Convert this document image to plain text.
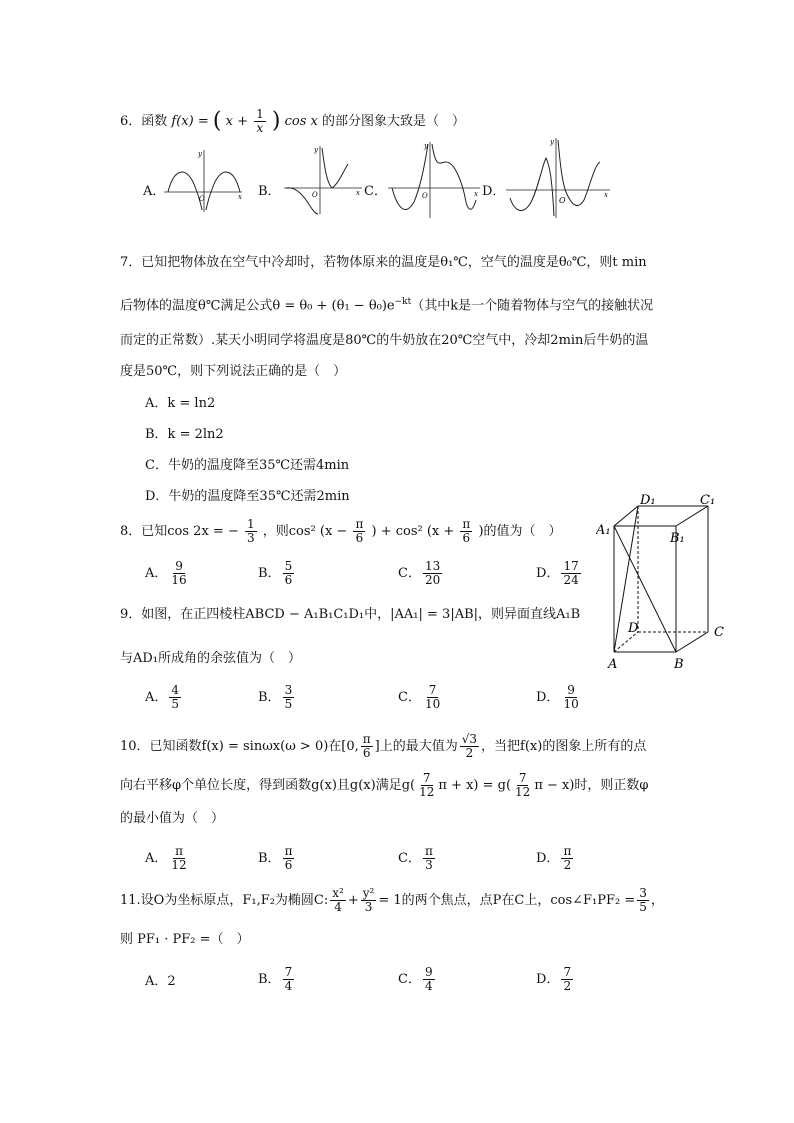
6．函数 f(x) = ( $x + \frac{1}{x}$ ) cos x 的部分图象大致是（　）
A．	x
y
O	B．	x
y
O	C．	x
y
O	D．	x
y
O
7．已知把物体放在空气中冷却时，若物体原来的温度是θ₁℃，空气的温度是θ₀℃，则t min
后物体的温度θ℃满足公式$\theta = \theta_0 + (\theta_1 - \theta_0)e^{-kt}$（其中k是一个随着物体与空气的接触状况
而定的正常数）.某天小明同学将温度是80℃的牛奶放在20℃空气中，冷却2min后牛奶的温
度是50℃，则下列说法正确的是（　）
A．k = ln2
B．k = 2ln2
C．牛奶的温度降至35℃还需4min
D．牛奶的温度降至35℃还需2min
8．已知cos 2x = − $\frac{1}{3}$ ，则cos² ($x - \frac{\pi}{6}$ ) + cos² ($x + \frac{\pi}{6}$ )的值为（　）
A． $\frac{9}{16}$	B． $\frac{5}{6}$	C． $\frac{13}{20}$	D． $\frac{17}{24}$
A₁
B₁
C₁
D₁
A	B
C
D
9．如图，在正四棱柱ABCD − A₁B₁C₁D₁中，|AA₁| = 3|AB|，则异面直线A₁B
与AD₁所成角的余弦值为（　）
A． $\frac{4}{5}$	B． $\frac{3}{5}$	C． $\frac{7}{10}$	D． $\frac{9}{10}$
10．已知函数f(x) = sinωx(ω > 0)在[0, $\frac{\pi}{6}$ ]上的最大值为 $\frac{√3}{2}$ ，当把f(x)的图象上所有的点
向右平移φ个单位长度，得到函数g(x)且g(x)满足$g( \frac{7}{12}$ $\pi + x) = g( \frac{7}{12}$ π − x)时，则正数φ
的最小值为（　）
A． $\frac{\pi}{12}$	B． $\frac{\pi}{6}$	C． $\frac{\pi}{3}$	D． $\frac{\pi}{2}$
11.设O为坐标原点，F₁,F₂为椭圆C: $\frac{\text{x²}}{4} + \frac{\text{y²}}{3} = 1$的两个焦点，点P在C上，cos∠F₁PF₂ = $\frac{3}{5}$ ，
则 PF₁ · PF₂ =（　）
A．2	B． $\frac{7}{4}$	C． $\frac{9}{4}$	D． $\frac{7}{2}$
